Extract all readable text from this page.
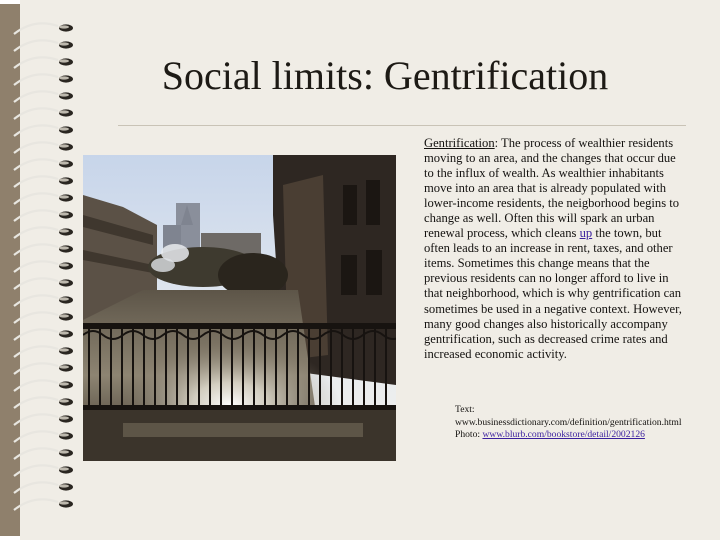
Social limits: Gentrification
Gentrification: The process of wealthier residents moving to an area, and the changes that occur due to the influx of wealth. As wealthier inhabitants move into an area that is already populated with lower-income residents, the neigborhood begins to change as well. Often this will spark an urban renewal process, which cleans up the town, but often leads to an increase in rent, taxes, and other items. Sometimes this change means that the previous residents can no longer afford to live in that neighborhood, which is why gentrification can sometimes be used in a negative context. However, many good changes also historically accompany gentrification, such as decreased crime rates and increased economic activity.
Text:
www.businessdictionary.com/definition/gentrification.html
Photo: www.blurb.com/bookstore/detail/2002126
